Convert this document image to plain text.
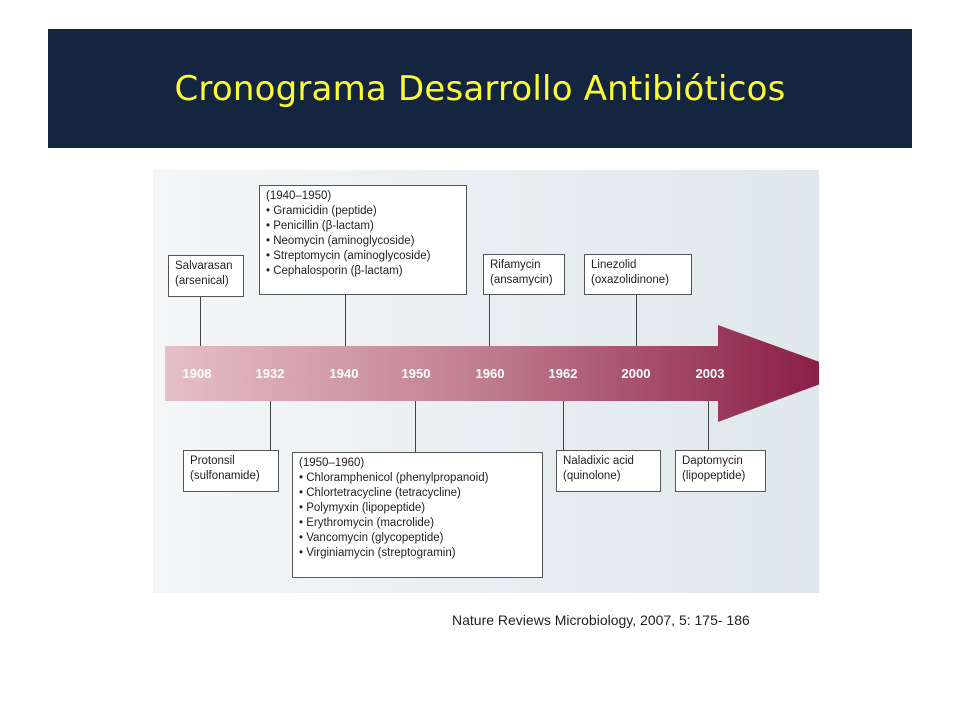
Cronograma Desarrollo Antibióticos
1908	1932	1940	1950	1960	1962	2000	2003
Salvarasan
(arsenical)
(1940–1950)
• Gramicidin (peptide)
• Penicillin (β-lactam)
• Neomycin (aminoglycoside)
• Streptomycin (aminoglycoside)
• Cephalosporin (β-lactam)	Rifamycin
(ansamycin)
Linezolid
(oxazolidinone)
Protonsil
(sulfonamide)
(1950–1960)
• Chloramphenicol (phenylpropanoid)
• Chlortetracycline (tetracycline)
• Polymyxin (lipopeptide)
• Erythromycin (macrolide)
• Vancomycin (glycopeptide)
• Virginiamycin (streptogramin)
Naladixic acid
(quinolone)
Daptomycin
(lipopeptide)
Nature Reviews Microbiology, 2007, 5: 175- 186
